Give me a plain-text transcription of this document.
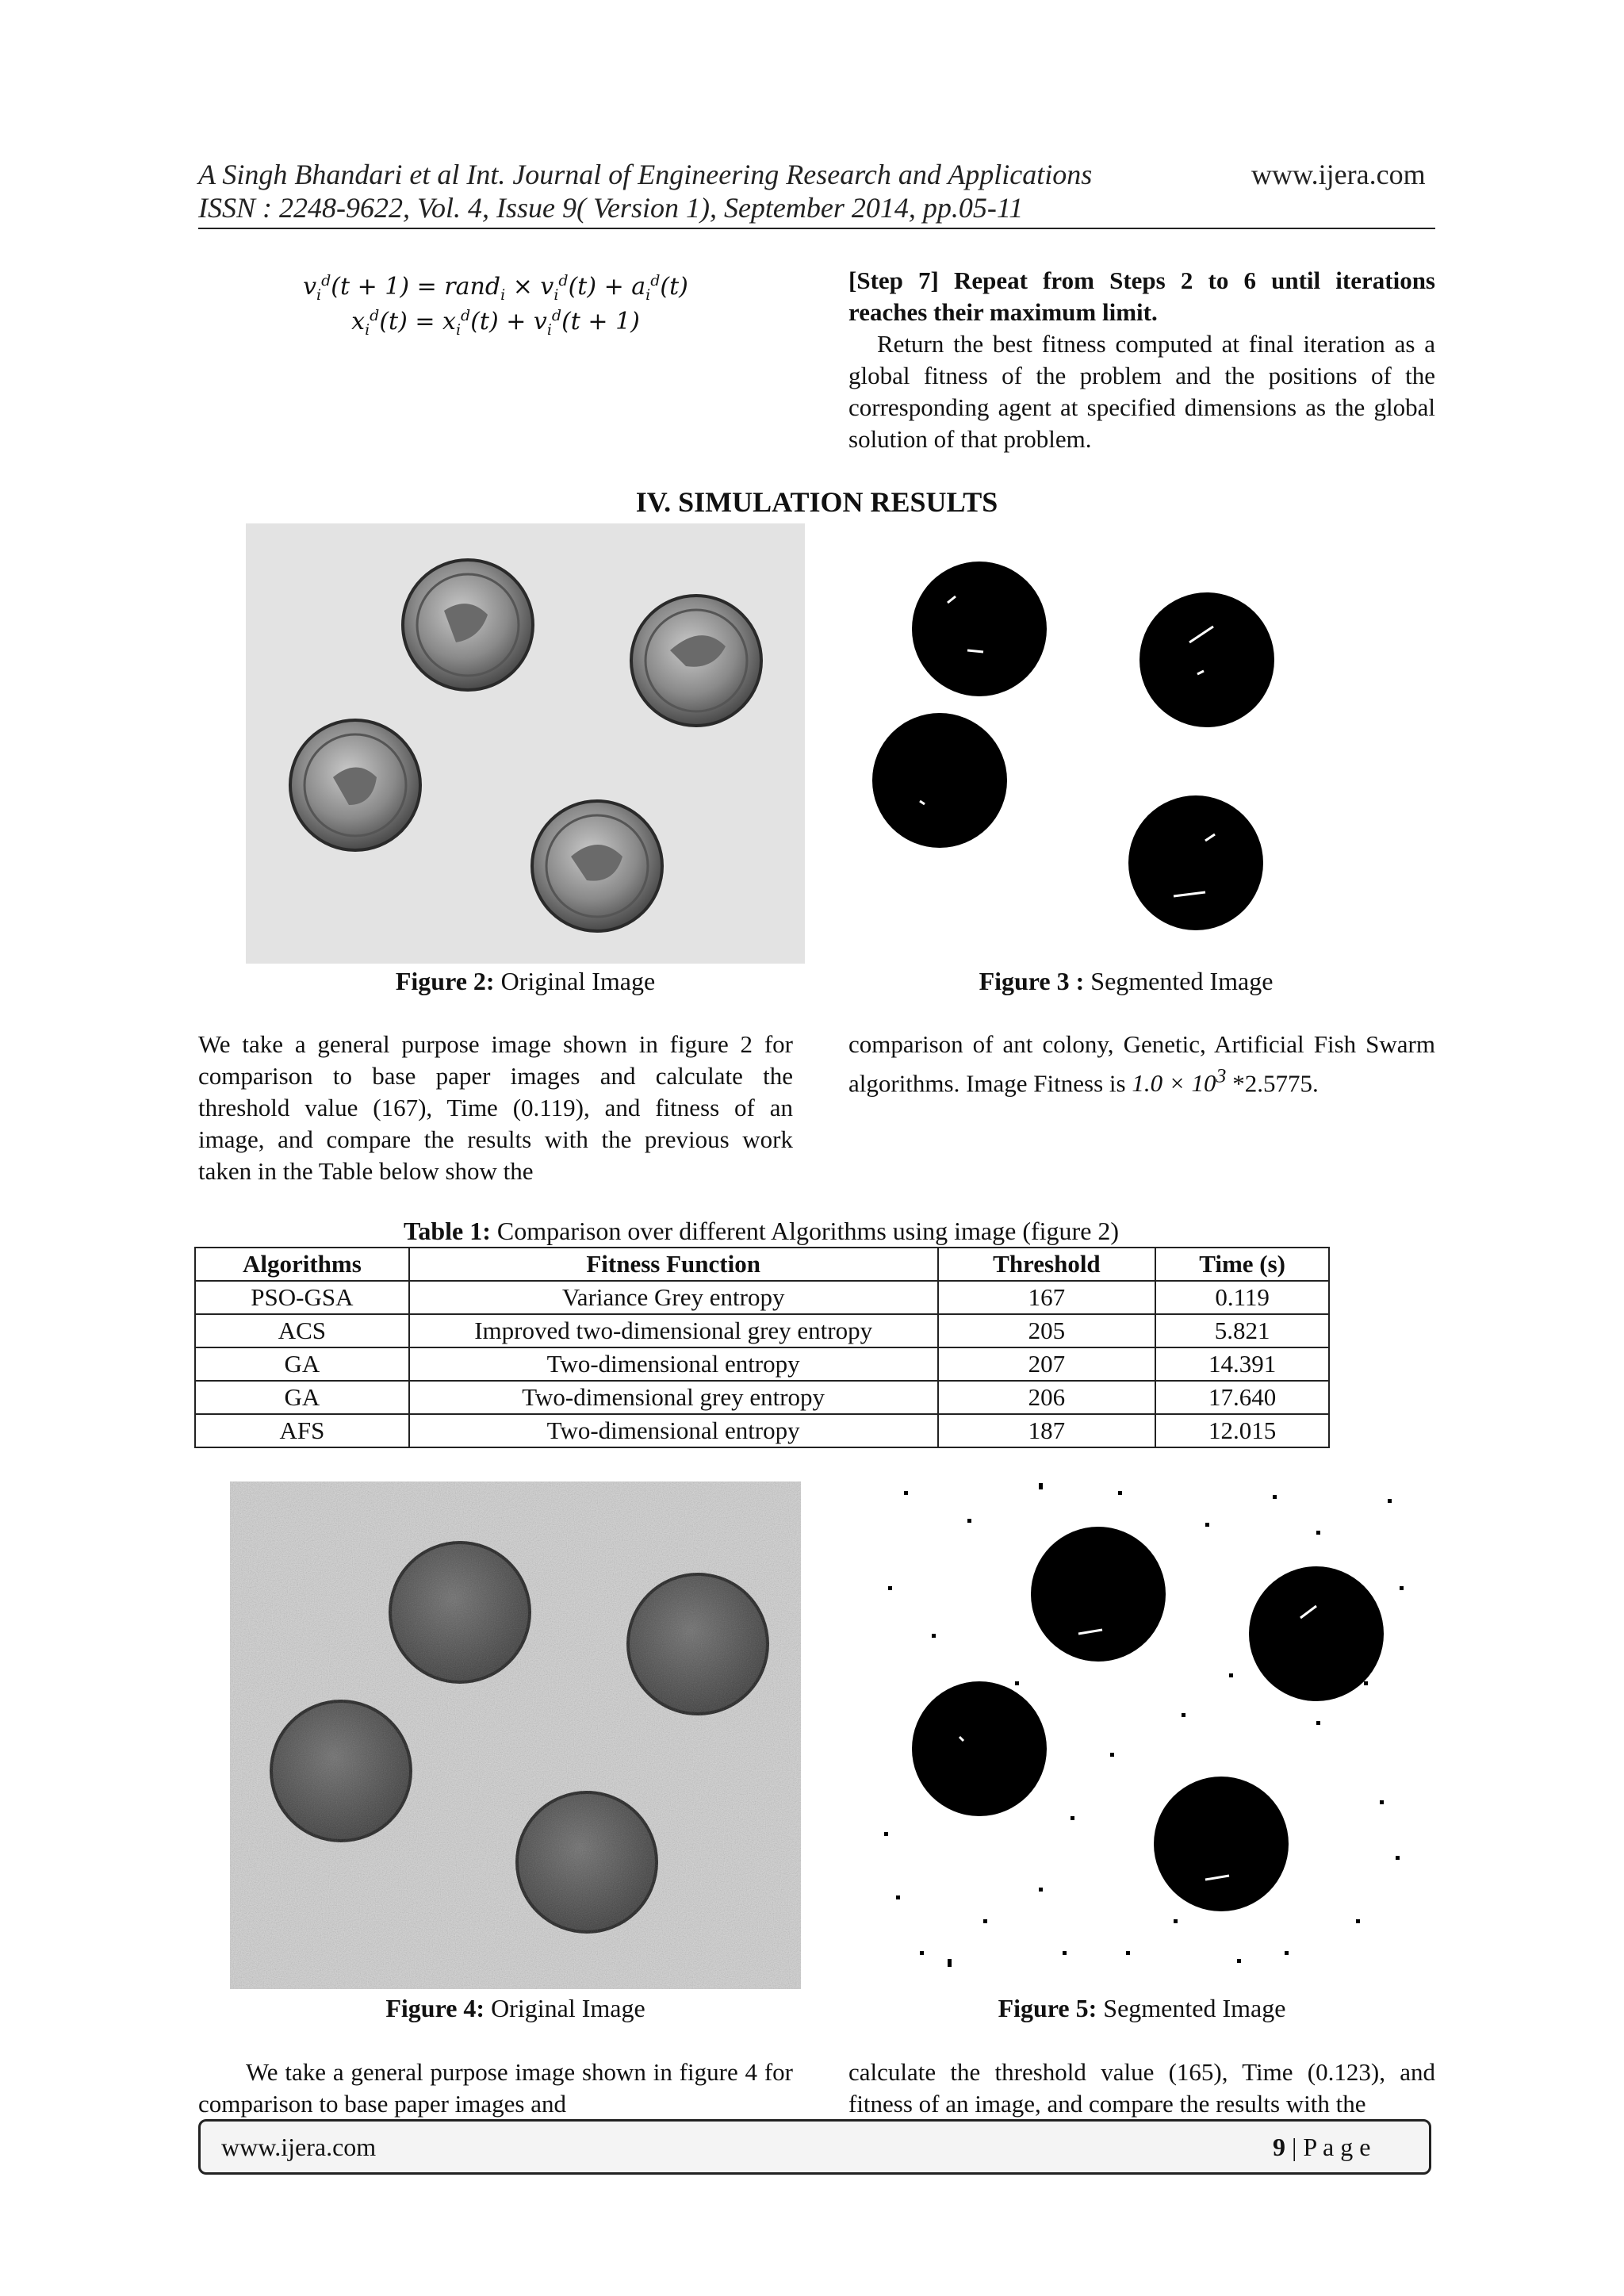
A Singh Bhandari et al Int. Journal of Engineering Research and Applications	www.ijera.com
ISSN : 2248-9622, Vol. 4, Issue 9( Version 1), September 2014, pp.05-11
$v_i^d(t + 1)$ = rand$_i$ × $v_i^d(t) + a_i^d(t)$
$x_i^d(t) = x_i^d(t) + v_i^d(t + 1)$
[Step 7] Repeat from Steps 2 to 6 until iterations reaches their maximum limit.
Return the best fitness computed at final iteration as a global fitness of the problem and the positions of the corresponding agent at specified dimensions as the global solution of that problem.
IV. SIMULATION RESULTS
Figure 2: Original Image	Figure 3 : Segmented Image
We take a general purpose image shown in figure 2 for comparison to base paper images and calculate the threshold value (167), Time (0.119), and fitness of an image, and compare the results with the previous work taken in the Table below show the
comparison of ant colony, Genetic, Artificial Fish Swarm algorithms. Image Fitness is $1.0 \times 10^3$ *2.5775.
Table 1: Comparison over different Algorithms using image (figure 2)
Algorithms	Fitness Function	Threshold	Time (s)
PSO-GSA	Variance Grey entropy	167	0.119
ACS	Improved two-dimensional grey entropy	205	5.821
GA	Two-dimensional entropy	207	14.391
GA	Two-dimensional grey entropy	206	17.640
AFS	Two-dimensional entropy	187	12.015
Figure 4: Original Image	Figure 5: Segmented Image
We take a general purpose image shown in figure 4 for comparison to base paper images and
calculate the threshold value (165), Time (0.123), and fitness of an image, and compare the results with the
www.ijera.com	9 | P a g e
